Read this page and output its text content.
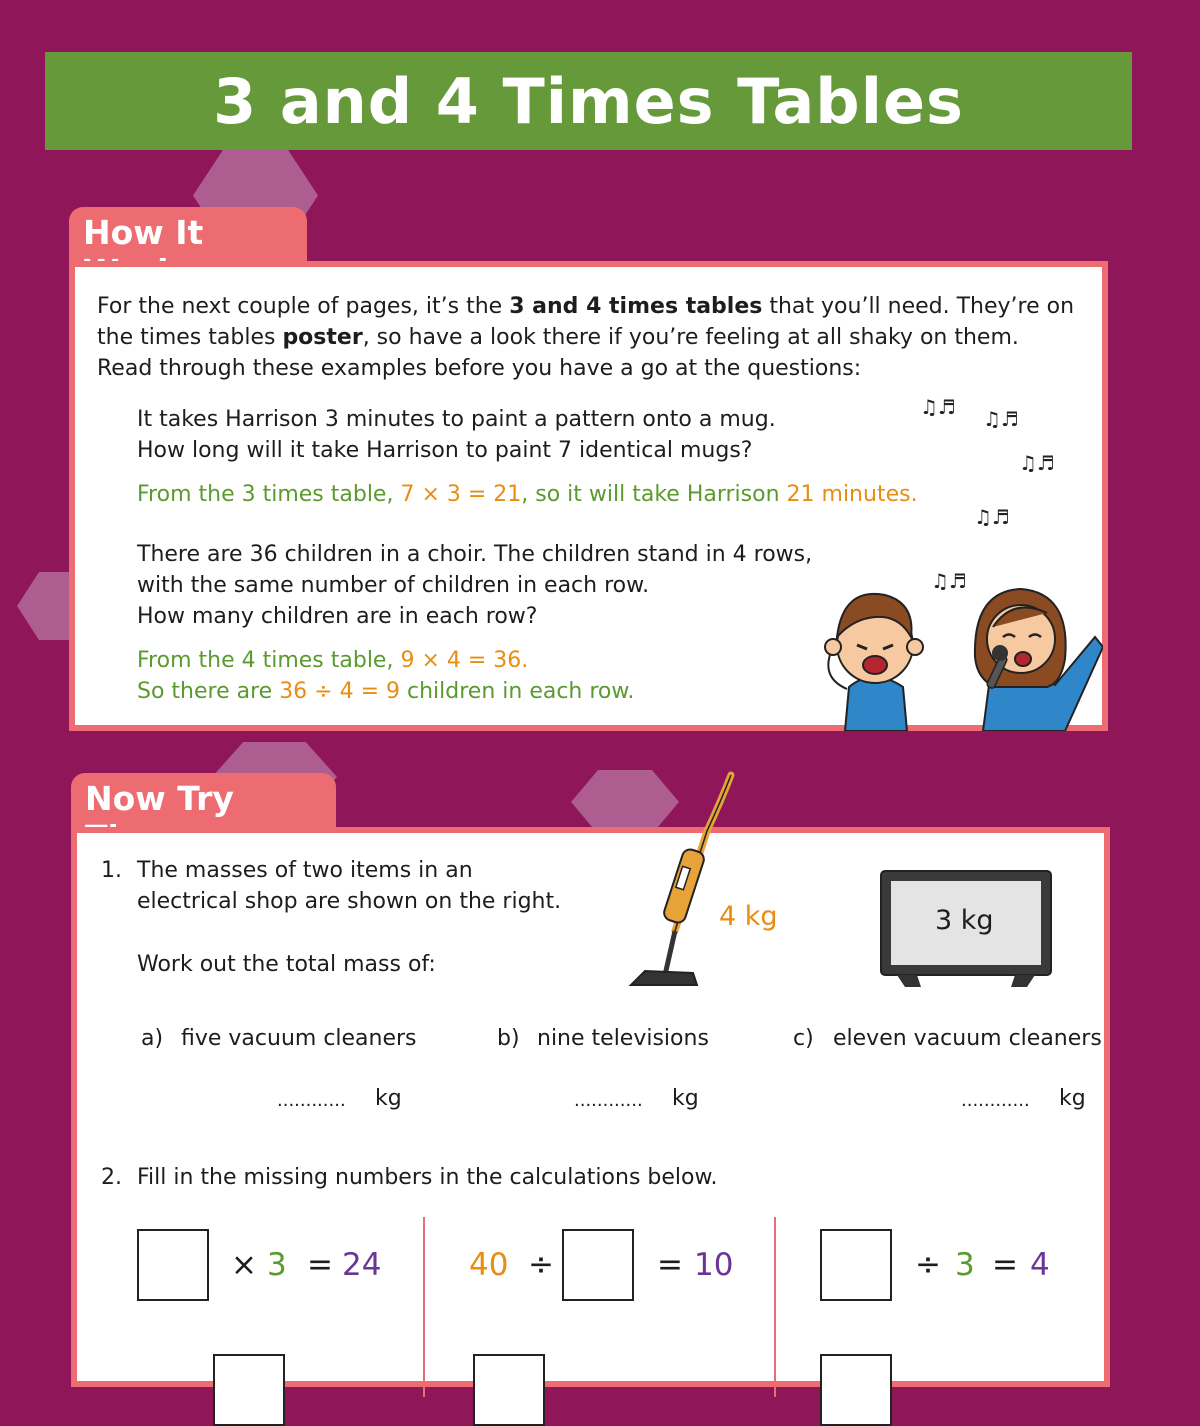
3 and 4 Times Tables
How It
For the next couple of pages, it’s the 3 and 4 times tables that you’ll need. They’re on
the times tables poster, so have a look there if you’re feeling at all shaky on them.
Read through these examples before you have a go at the questions:
It takes Harrison 3 minutes to paint a pattern onto a mug.
How long will it take Harrison to paint 7 identical mugs?
From the 3 times table, 7 × 3 = 21, so it will take Harrison 21 minutes.
There are 36 children in a choir. The children stand in 4 rows,
with the same number of children in each row.
How many children are in each row?
From the 4 times table, 9 × 4 = 36.
So there are 36 ÷ 4 = 9 children in each row.
♫♬ ♫♬
♫♬
♫♬
♫♬
Now Try
1. The masses of two items in an
electrical shop are shown on the right.
Work out the total mass of:
4 kg	3 kg
a) five vacuum cleaners
............ kg
b) nine televisions
............ kg
c) eleven vacuum cleaners
............ kg
2. Fill in the missing numbers in the calculations below.
× 3 = 24	40 ÷	= 10	÷ 3 = 4
